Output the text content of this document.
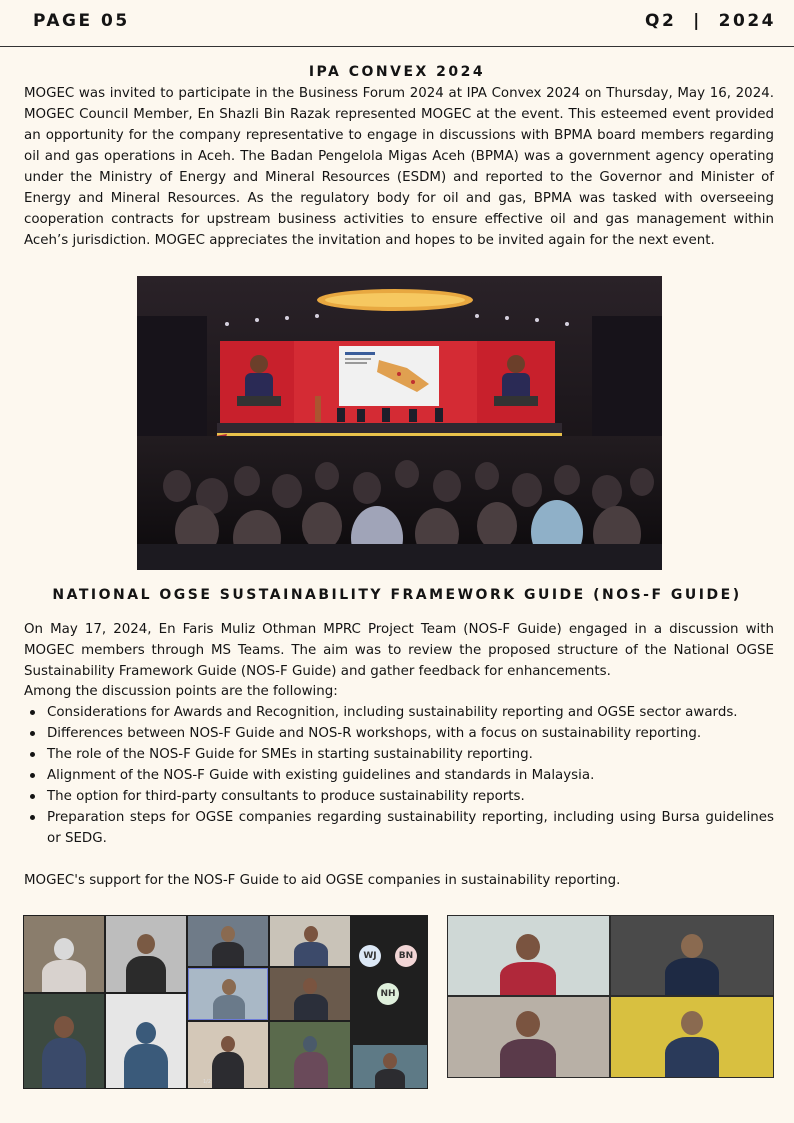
PAGE 05	Q2  |  2024
IPA CONVEX 2024
MOGEC was invited to participate in the Business Forum 2024 at IPA Convex 2024 on Thursday, May 16, 2024. MOGEC Council Member, En Shazli Bin Razak represented MOGEC at the event. This esteemed event provided an opportunity for the company representative to engage in discussions with BPMA board members regarding oil and gas operations in Aceh. The Badan Pengelola Migas Aceh (BPMA) was a government agency operating under the Ministry of Energy and Mineral Resources (ESDM) and reported to the Governor and Minister of Energy and Mineral Resources. As the regulatory body for oil and gas, BPMA was tasked with overseeing cooperation contracts for upstream business activities to ensure effective oil and gas management within Aceh’s jurisdiction. MOGEC appreciates the invitation and hopes to be invited again for the next event.
NATIONAL OGSE SUSTAINABILITY FRAMEWORK GUIDE (NOS-F GUIDE)
On May 17, 2024, En Faris Muliz Othman MPRC Project Team (NOS-F Guide) engaged in a discussion with MOGEC members through MS Teams. The aim was to review the proposed structure of the National OGSE Sustainability Framework Guide (NOS-F Guide) and gather feedback for enhancements.
Among the discussion points are the following:
Considerations for Awards and Recognition, including sustainability reporting and OGSE sector awards.
Differences between NOS-F Guide and NOS-R workshops, with a focus on sustainability reporting.
The role of the NOS-F Guide for SMEs in starting sustainability reporting.
Alignment of the NOS-F Guide with existing guidelines and standards in Malaysia.
The option for third-party consultants to produce sustainability reports.
Preparation steps for OGSE companies regarding sustainability reporting, including using Bursa guidelines or SEDG.
MOGEC's support for the NOS-F Guide to aid OGSE companies in sustainability reporting.
WJ	BN
NH
1/2
